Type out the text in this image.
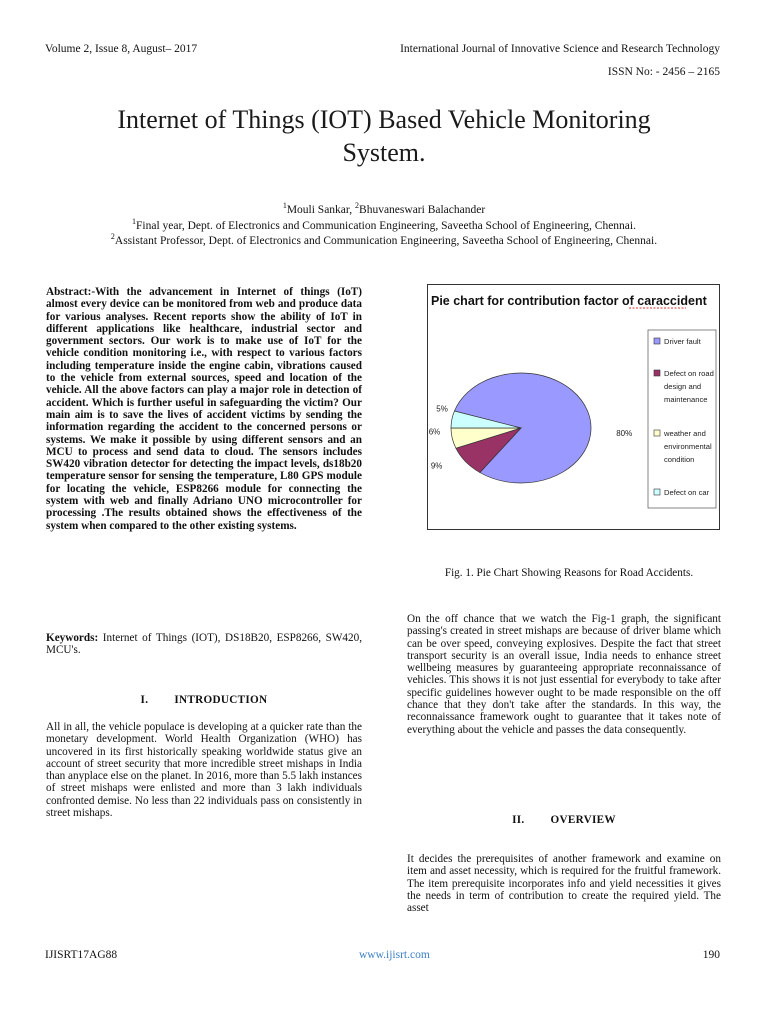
Volume 2, Issue 8, August– 2017	International Journal of Innovative Science and Research Technology
ISSN No: - 2456 – 2165
Internet of Things (IOT) Based Vehicle Monitoring
System.
$^1$Mouli Sankar, $^2$Bhuvaneswari Balachander
$^1$Final year, Dept. of Electronics and Communication Engineering, Saveetha School of Engineering, Chennai.
$^2$Assistant Professor, Dept. of Electronics and Communication Engineering, Saveetha School of Engineering, Chennai.
Abstract:-With the advancement in Internet of things (IoT) almost every device can be monitored from web and produce data for various analyses. Recent reports show the ability of IoT in different applications like healthcare, industrial sector and government sectors. Our work is to make use of IoT for the vehicle condition monitoring i.e., with respect to various factors including temperature inside the engine cabin, vibrations caused to the vehicle from external sources, speed and location of the vehicle. All the above factors can play a major role in detection of accident. Which is further useful in safeguarding the victim? Our main aim is to save the lives of accident victims by sending the information regarding the accident to the concerned persons or systems. We make it possible by using different sensors and an MCU to process and send data to cloud. The sensors includes SW420 vibration detector for detecting the impact levels, ds18b20 temperature sensor for sensing the temperature, L80 GPS module for locating the vehicle, ESP8266 module for connecting the system with web and finally Adriano UNO microcontroller for processing .The results obtained shows the effectiveness of the system when compared to the other existing systems.
Keywords: Internet of Things (IOT), DS18B20, ESP8266, SW420, MCU's.
I. INTRODUCTION
All in all, the vehicle populace is developing at a quicker rate than the monetary development. World Health Organization (WHO) has uncovered in its first historically speaking worldwide status give an account of street security that more incredible street mishaps in India than anyplace else on the planet. In 2016, more than 5.5 lakh instances of street mishaps were enlisted and more than 3 lakh individuals confronted demise. No less than 22 individuals pass on consistently in street mishaps.
Pie chart for contribution factor of caraccident
80%
9%
6%
5%
Driver fault
Defect on road
design and
maintenance
weather and
environmental
condition
Defect on car
Fig. 1. Pie Chart Showing Reasons for Road Accidents.
On the off chance that we watch the Fig-1 graph, the significant passing's created in street mishaps are because of driver blame which can be over speed, conveying explosives. Despite the fact that street transport security is an overall issue, India needs to enhance street wellbeing measures by guaranteeing appropriate reconnaissance of vehicles. This shows it is not just essential for everybody to take after specific guidelines however ought to be made responsible on the off chance that they don't take after the standards. In this way, the reconnaissance framework ought to guarantee that it takes note of everything about the vehicle and passes the data consequently.
II. OVERVIEW
It decides the prerequisites of another framework and examine on item and asset necessity, which is required for the fruitful framework. The item prerequisite incorporates info and yield necessities it gives the needs in term of contribution to create the required yield. The asset
IJISRT17AG88	www.ijisrt.com	190
